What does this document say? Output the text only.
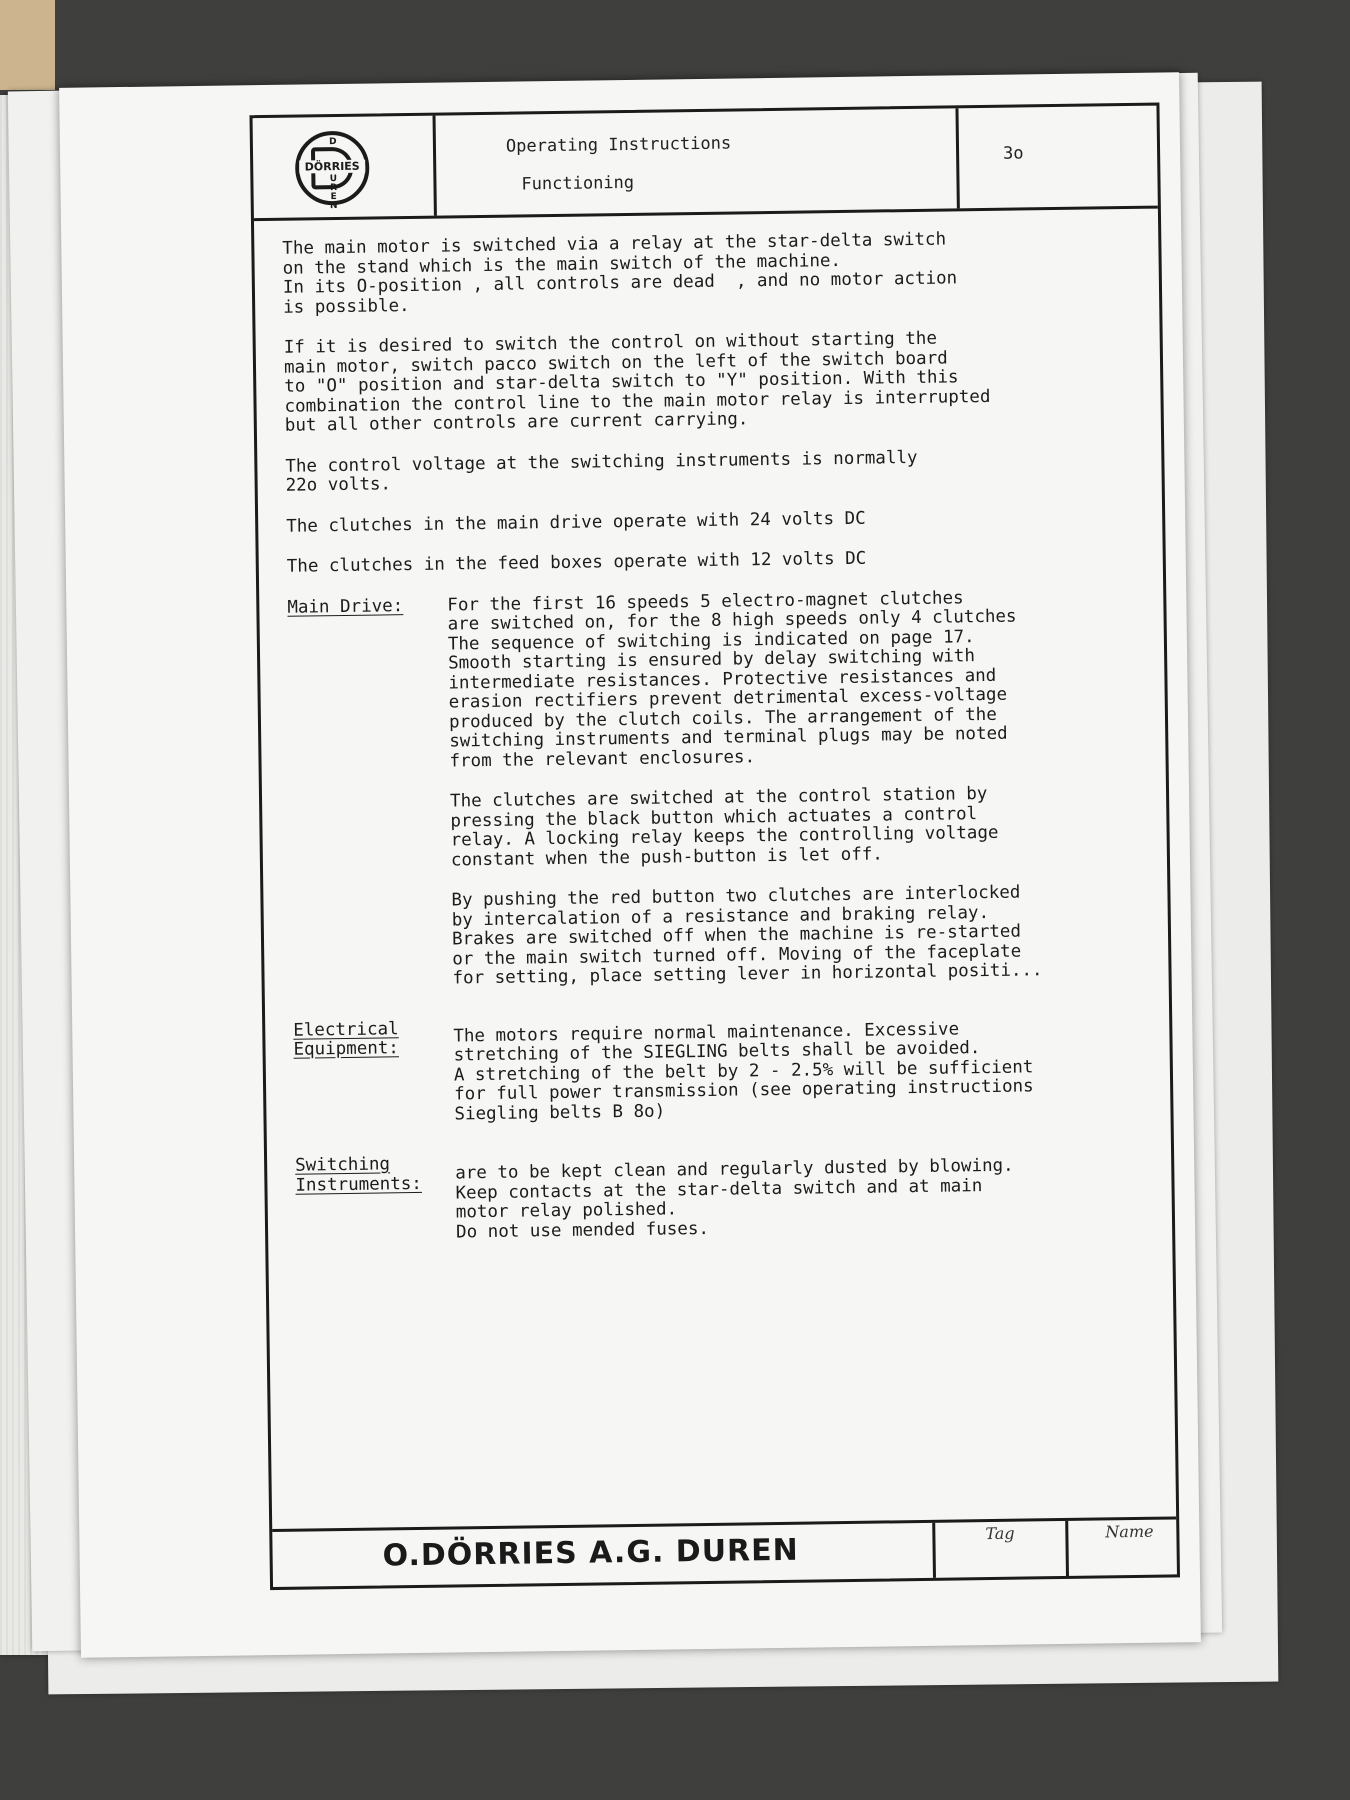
D
DÖRRIES
UREN
Operating Instructions
Functioning
3o

The main motor is switched via a relay at the star-delta switch
on the stand which is the main switch of the machine.
In its O-position , all controls are dead  , and no motor action
is possible.

If it is desired to switch the control on without starting the
main motor, switch pacco switch on the left of the switch board
to "O" position and star-delta switch to "Y" position. With this
combination the control line to the main motor relay is interrupted
but all other controls are current carrying.

The control voltage at the switching instruments is normally
22o volts.

The clutches in the main drive operate with 24 volts DC

The clutches in the feed boxes operate with 12 volts DC

Main Drive:	For the first 16 speeds 5 electro-magnet clutches
are switched on, for the 8 high speeds only 4 clutches
The sequence of switching is indicated on page 17.
Smooth starting is ensured by delay switching with
intermediate resistances. Protective resistances and
erasion rectifiers prevent detrimental excess-voltage
produced by the clutch coils. The arrangement of the
switching instruments and terminal plugs may be noted
from the relevant enclosures.

The clutches are switched at the control station by
pressing the black button which actuates a control
relay. A locking relay keeps the controlling voltage
constant when the push-button is let off.

By pushing the red button two clutches are interlocked
by intercalation of a resistance and braking relay.
Brakes are switched off when the machine is re-started
or the main switch turned off. Moving of the faceplate
for setting, place setting lever in horizontal positi...

Electrical
Equipment:

The motors require normal maintenance. Excessive
stretching of the SIEGLING belts shall be avoided.
A stretching of the belt by 2 - 2.5% will be sufficient
for full power transmission (see operating instructions
Siegling belts B 8o)

Switching
Instruments:

are to be kept clean and regularly dusted by blowing.
Keep contacts at the star-delta switch and at main
motor relay polished.
Do not use mended fuses.

O.DÖRRIES A.G. DUREN	Tag	Name
